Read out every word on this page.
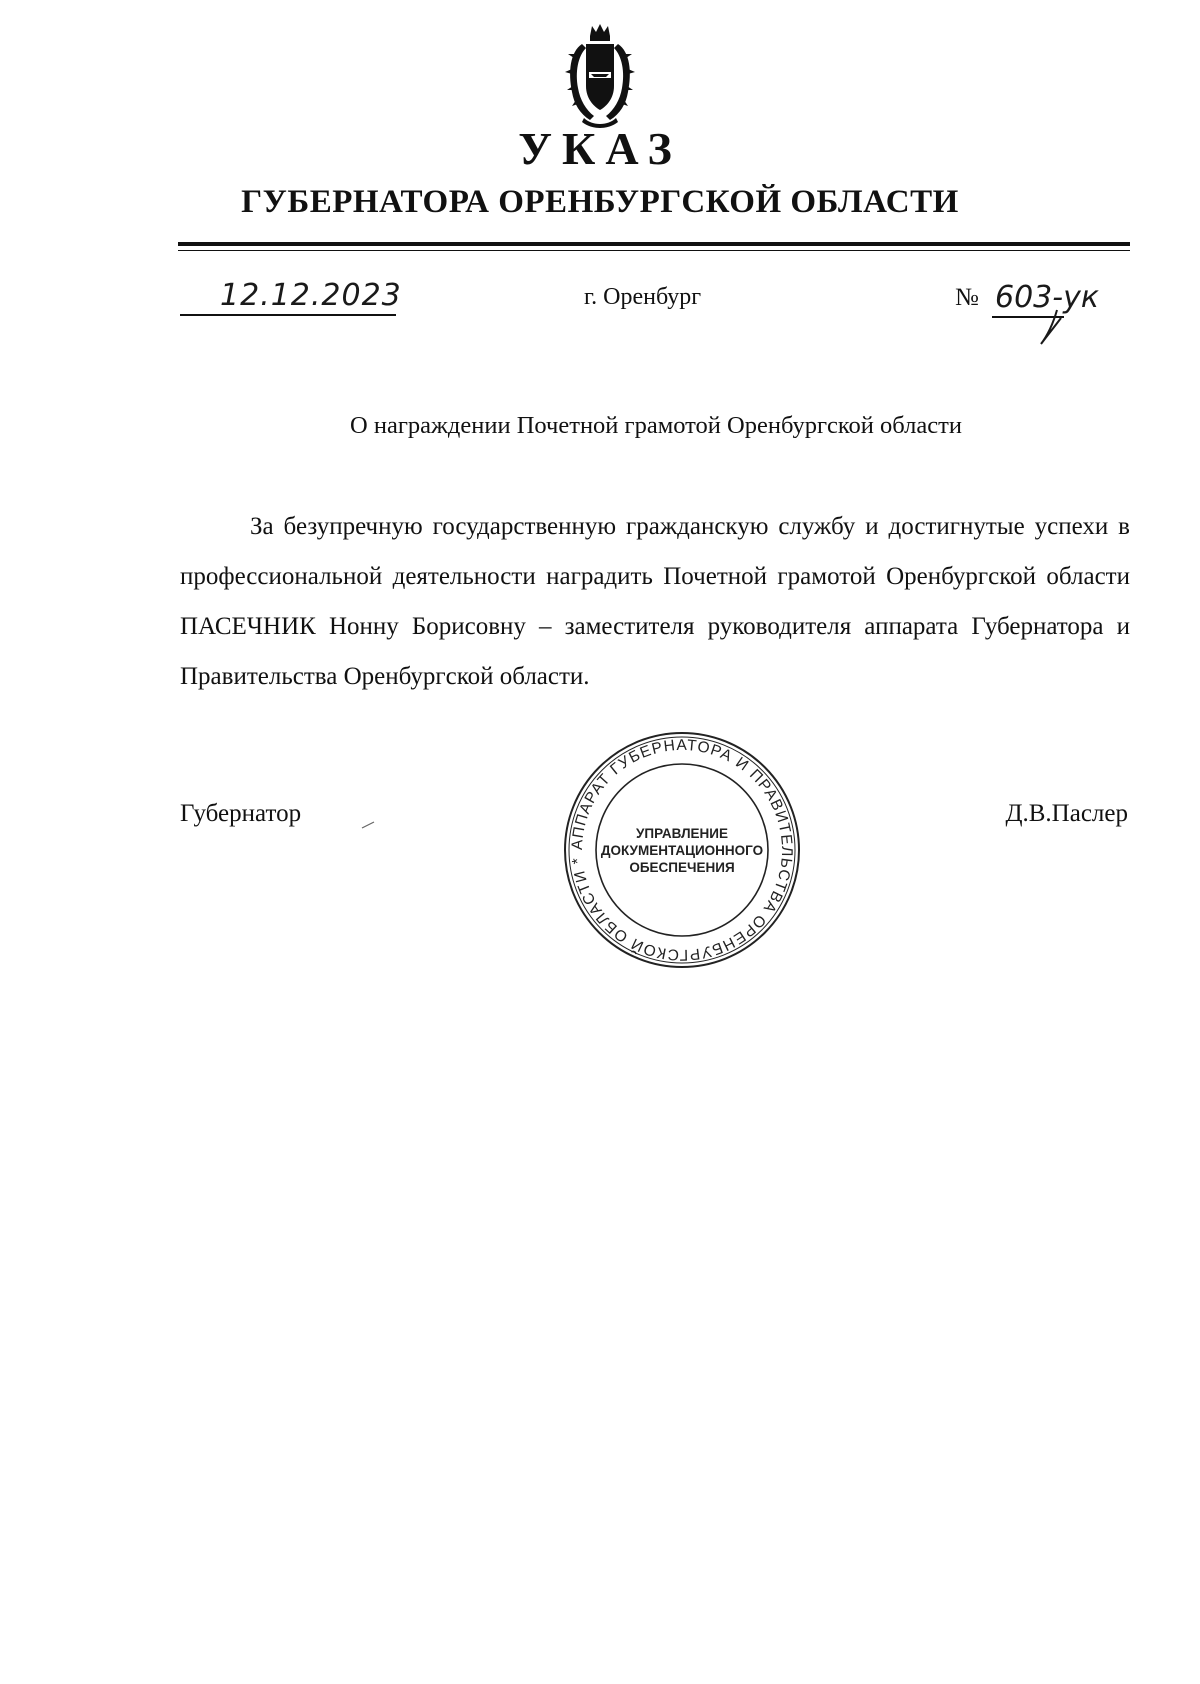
УКАЗ
ГУБЕРНАТОРА ОРЕНБУРГСКОЙ ОБЛАСТИ
12.12.2023	г. Оренбург	№ 603-ук
О награждении Почетной грамотой Оренбургской области
За безупречную государственную гражданскую службу и достигнутые успехи в профессиональной деятельности наградить Почетной грамотой Оренбургской области ПАСЕЧНИК Нонну Борисовну – заместителя руководителя аппарата Губернатора и Правительства Оренбургской области.
Губернатор	Д.В.Паслер
АППАРАТ ГУБЕРНАТОРА И ПРАВИТЕЛЬСТВА ОРЕНБУРГСКОЙ ОБЛАСТИ *
УПРАВЛЕНИЕ
ДОКУМЕНТАЦИОННОГО
ОБЕСПЕЧЕНИЯ
